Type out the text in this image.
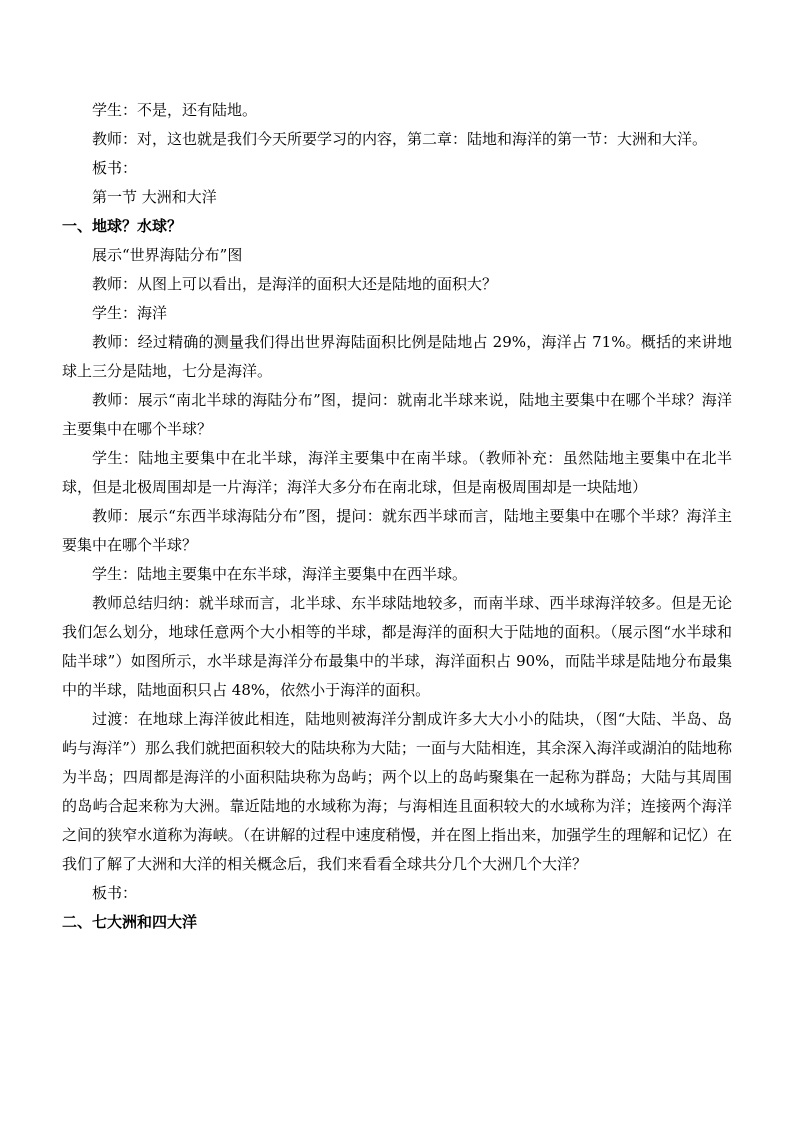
学生：不是，还有陆地。

教师：对，这也就是我们今天所要学习的内容，第二章：陆地和海洋的第一节：大洲和大洋。

板书：

第一节 大洲和大洋

一、地球？水球？

展示“世界海陆分布”图

教师：从图上可以看出，是海洋的面积大还是陆地的面积大？

学生：海洋

教师：经过精确的测量我们得出世界海陆面积比例是陆地占 29%，海洋占 71%。概括的来讲地球上三分是陆地，七分是海洋。

教师：展示“南北半球的海陆分布”图，提问：就南北半球来说，陆地主要集中在哪个半球？海洋主要集中在哪个半球？

学生：陆地主要集中在北半球，海洋主要集中在南半球。（教师补充：虽然陆地主要集中在北半球，但是北极周围却是一片海洋；海洋大多分布在南北球，但是南极周围却是一块陆地）

教师：展示“东西半球海陆分布”图，提问：就东西半球而言，陆地主要集中在哪个半球？海洋主要集中在哪个半球？

学生：陆地主要集中在东半球，海洋主要集中在西半球。

教师总结归纳：就半球而言，北半球、东半球陆地较多，而南半球、西半球海洋较多。但是无论我们怎么划分，地球任意两个大小相等的半球，都是海洋的面积大于陆地的面积。（展示图“水半球和陆半球”）如图所示，水半球是海洋分布最集中的半球，海洋面积占 90%，而陆半球是陆地分布最集中的半球，陆地面积只占 48%，依然小于海洋的面积。

过渡：在地球上海洋彼此相连，陆地则被海洋分割成许多大大小小的陆块，（图“大陆、半岛、岛屿与海洋”）那么我们就把面积较大的陆块称为大陆；一面与大陆相连，其余深入海洋或湖泊的陆地称为半岛；四周都是海洋的小面积陆块称为岛屿；两个以上的岛屿聚集在一起称为群岛；大陆与其周围的岛屿合起来称为大洲。靠近陆地的水域称为海；与海相连且面积较大的水域称为洋；连接两个海洋之间的狭窄水道称为海峡。（在讲解的过程中速度稍慢，并在图上指出来，加强学生的理解和记忆）在我们了解了大洲和大洋的相关概念后，我们来看看全球共分几个大洲几个大洋？

板书：

二、七大洲和四大洋
